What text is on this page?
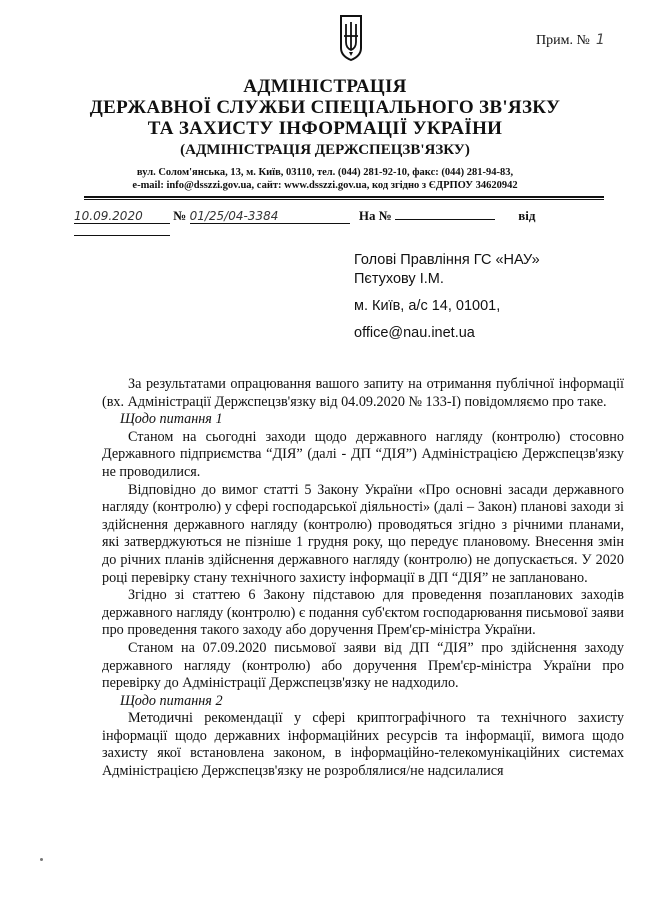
Прим. № 1
АДМІНІСТРАЦІЯ
ДЕРЖАВНОЇ СЛУЖБИ СПЕЦІАЛЬНОГО ЗВ'ЯЗКУ
ТА ЗАХИСТУ ІНФОРМАЦІЇ УКРАЇНИ
(АДМІНІСТРАЦІЯ ДЕРЖСПЕЦЗВ'ЯЗКУ)
вул. Солом'янська, 13, м. Київ, 03110, тел. (044) 281-92-10, факс: (044) 281-94-83,
e-mail: info@dsszzi.gov.ua, сайт: www.dsszzi.gov.ua, код згідно з ЄДРПОУ 34620942
10.09.2020 № 01/25/04-3384	На №	від
Голові Правління ГС «НАУ»
Пєтухову І.М.
м. Київ, а/с 14, 01001,
office@nau.inet.ua

За результатами опрацювання вашого запиту на отримання публічної інформації (вх. Адміністрації Держспецзв'язку від 04.09.2020 № 133-І) повідомляємо про таке.

Щодо питання 1

Станом на сьогодні заходи щодо державного нагляду (контролю) стосовно Державного підприємства “ДІЯ” (далі - ДП “ДІЯ”) Адміністрацією Держспецзв'язку не проводилися.

Відповідно до вимог статті 5 Закону України «Про основні засади державного нагляду (контролю) у сфері господарської діяльності» (далі – Закон) планові заходи зі здійснення державного нагляду (контролю) проводяться згідно з річними планами, які затверджуються не пізніше 1 грудня року, що передує плановому. Внесення змін до річних планів здійснення державного нагляду (контролю) не допускається. У 2020 році перевірку стану технічного захисту інформації в ДП “ДІЯ” не заплановано.

Згідно зі статтею 6 Закону підставою для проведення позапланових заходів державного нагляду (контролю) є подання суб'єктом господарювання письмової заяви про проведення такого заходу або доручення Прем'єр-міністра України.

Станом на 07.09.2020 письмової заяви від ДП “ДІЯ” про здійснення заходу державного нагляду (контролю) або доручення Прем'єр-міністра України про перевірку до Адміністрації Держспецзв'язку не надходило.

Щодо питання 2

Методичні рекомендації у сфері криптографічного та технічного захисту інформації щодо державних інформаційних ресурсів та інформації, вимога щодо захисту якої встановлена законом, в інформаційно-телекомунікаційних системах Адміністрацією Держспецзв'язку не розроблялися/не надсилалися
